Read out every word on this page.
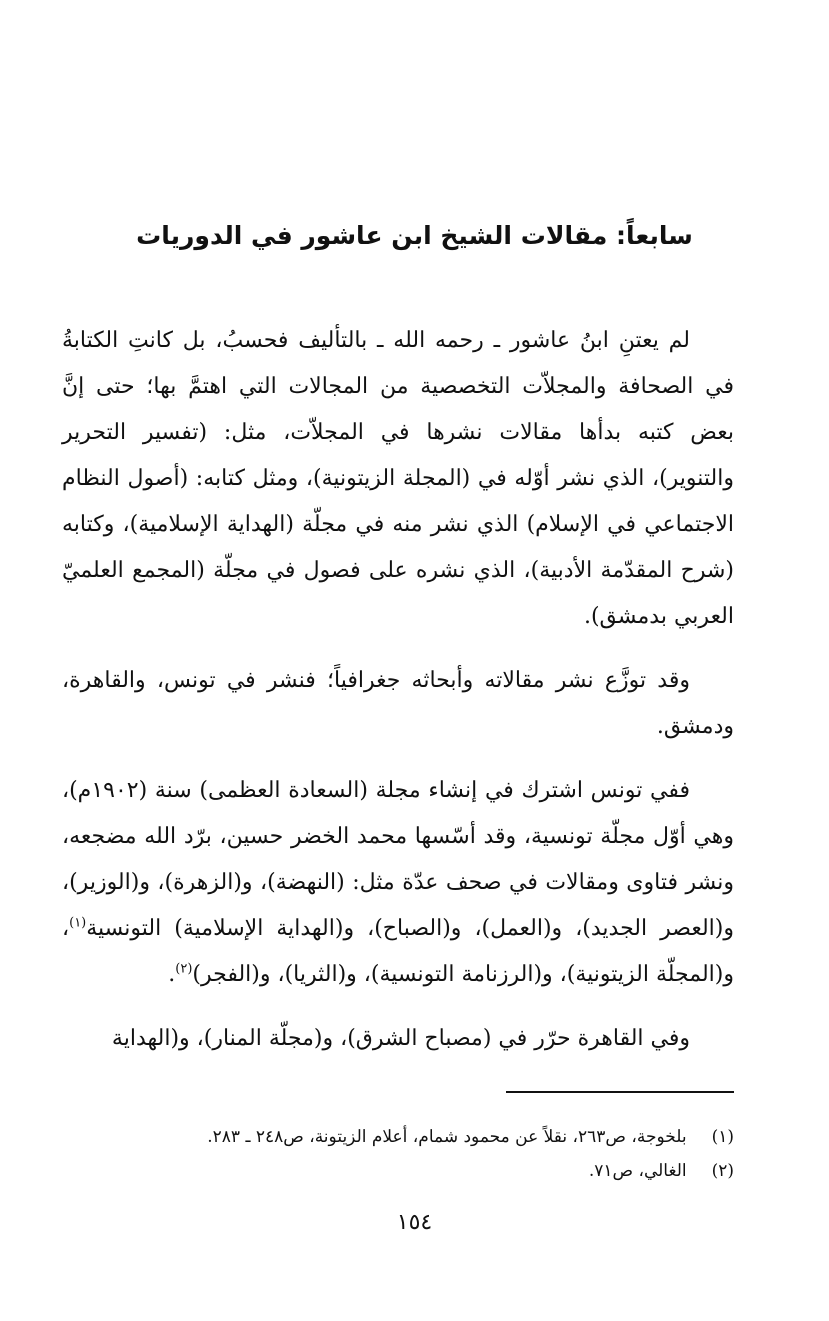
سابعاً: مقالات الشيخ ابن عاشور في الدوريات

لم يعتنِ ابنُ عاشور ـ رحمه الله ـ بالتأليف فحسبُ، بل كانتِ الكتابةُ في الصحافة والمجلاّت التخصصية من المجالات التي اهتمَّ بها؛ حتى إنَّ بعض كتبه بدأها مقالات نشرها في المجلاّت، مثل: (تفسير التحرير والتنوير)، الذي نشر أوّله في (المجلة الزيتونية)، ومثل كتابه: (أصول النظام الاجتماعي في الإسلام) الذي نشر منه في مجلّة (الهداية الإسلامية)، وكتابه (شرح المقدّمة الأدبية)، الذي نشره على فصول في مجلّة (المجمع العلميّ العربي بدمشق).

وقد توزَّع نشر مقالاته وأبحاثه جغرافياً؛ فنشر في تونس، والقاهرة، ودمشق.

ففي تونس اشترك في إنشاء مجلة (السعادة العظمى) سنة (١٩٠٢م)، وهي أوّل مجلّة تونسية، وقد أسّسها محمد الخضر حسين، برّد الله مضجعه، ونشر فتاوى ومقالات في صحف عدّة مثل: (النهضة)، و(الزهرة)، و(الوزير)، و(العصر الجديد)، و(العمل)، و(الصباح)، و(الهداية الإسلامية) التونسية$^{(١)}$، و(المجلّة الزيتونية)، و(الرزنامة التونسية)، و(الثريا)، و(الفجر)$^{(٢)}$.

وفي القاهرة حرّر في (مصباح الشرق)، و(مجلّة المنار)، و(الهداية

(١) بلخوجة، ص٢٦٣، نقلاً عن محمود شمام، أعلام الزيتونة، ص٢٤٨ ـ ٢٨٣.
(٢) الغالي، ص٧١.
١٥٤
